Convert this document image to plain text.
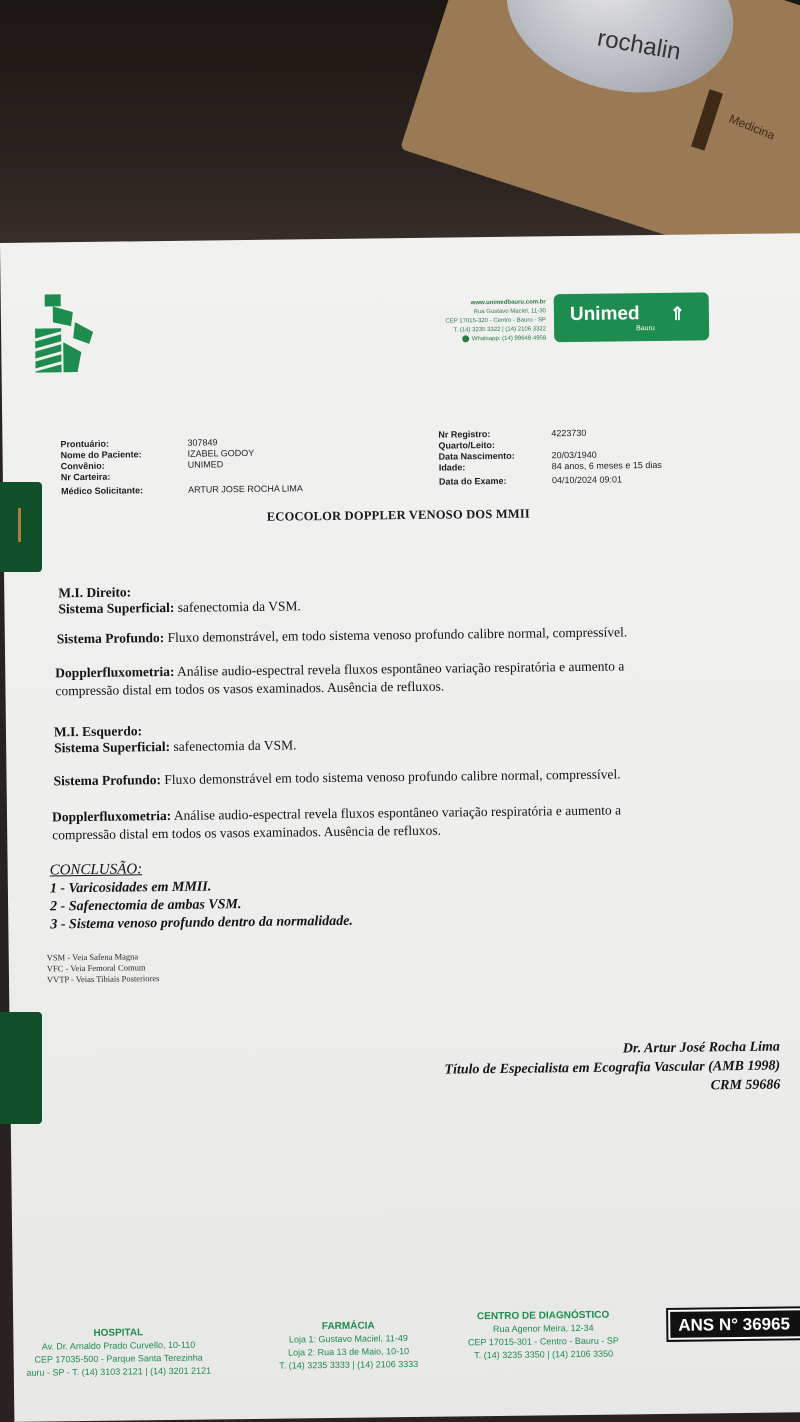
rochalin
Medicina
www.unimedbauru.com.br
Rua Gustavo Maciel, 11-30
CEP 17015-320 - Centro - Bauru - SP
T. (14) 3235 3322 | (14) 2106 3322
Whatsapp: (14) 99648 4958
Unimed ⇑
Bauru
Prontuário:	307849
Nome do Paciente:	IZABEL GODOY
Convênio:	UNIMED
Nr Carteira:
Médico Solicitante:	ARTUR JOSE ROCHA LIMA
Nr Registro:	4223730
Quarto/Leito:
Data Nascimento:	20/03/1940
Idade:	84 anos, 6 meses e 15 dias
Data do Exame:	04/10/2024 09:01
ECOCOLOR DOPPLER VENOSO DOS MMII
M.I. Direito:
Sistema Superficial: safenectomia da VSM.
Sistema Profundo: Fluxo demonstrável, em todo sistema venoso profundo calibre normal, compressível.
Dopplerfluxometria: Análise audio-espectral revela fluxos espontâneo variação respiratória e aumento a
compressão distal em todos os vasos examinados. Ausência de refluxos.
M.I. Esquerdo:
Sistema Superficial: safenectomia da VSM.
Sistema Profundo: Fluxo demonstrável em todo sistema venoso profundo calibre normal, compressível.
Dopplerfluxometria: Análise audio-espectral revela fluxos espontâneo variação respiratória e aumento a
compressão distal em todos os vasos examinados. Ausência de refluxos.
CONCLUSÃO:
1 - Varicosidades em MMII.
2 - Safenectomia de ambas VSM.
3 - Sistema venoso profundo dentro da normalidade.
VSM - Veia Safena Magna
VFC - Veia Femoral Comum
VVTP - Veias Tibiais Posteriores
Dr. Artur José Rocha Lima
Título de Especialista em Ecografia Vascular (AMB 1998)
CRM 59686
HOSPITAL
Av. Dr. Arnaldo Prado Curvello, 10-110
CEP 17035-500 - Parque Santa Terezinha
auru - SP - T. (14) 3103 2121 | (14) 3201 2121
FARMÁCIA
Loja 1: Gustavo Maciel, 11-49
Loja 2: Rua 13 de Maio, 10-10
T. (14) 3235 3333 | (14) 2106 3333
CENTRO DE DIAGNÓSTICO
Rua Agenor Meira, 12-34
CEP 17015-301 - Centro - Bauru - SP
T. (14) 3235 3350 | (14) 2106 3350
ANS N° 36965
